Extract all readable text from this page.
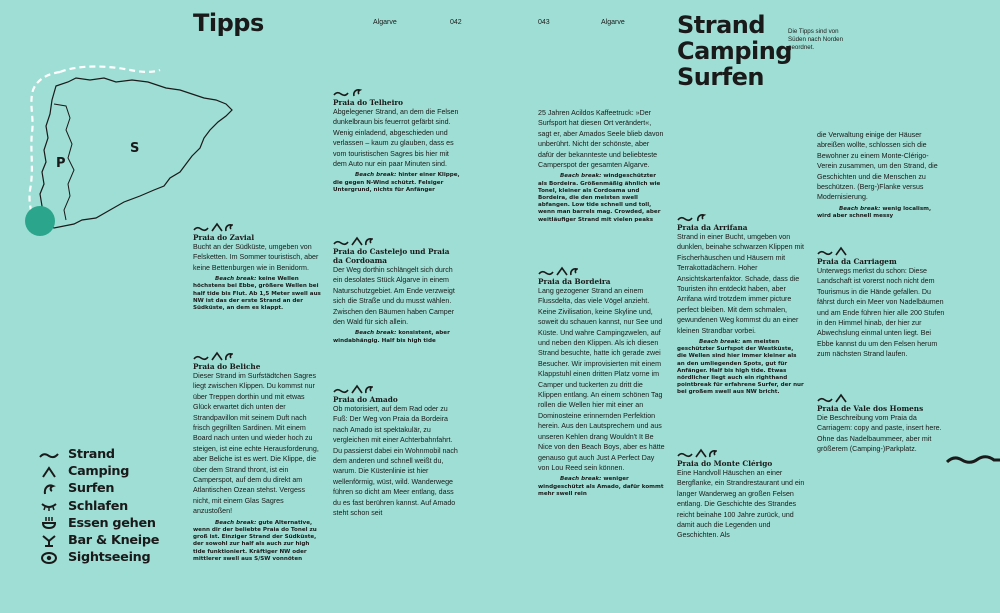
Tipps	Algarve	042
P
S
Strand
Camping
Surfen
Schlafen
Essen gehen
Bar & Kneipe
Sightseeing
Praia do Zavial
Bucht an der Südküste, umgeben von Felsketten. Im Sommer touristisch, aber keine Bettenburgen wie in Benidorm.
Beach break: keine Wellen höchstens bei Ebbe, größere Wellen bei half tide bis Flut. Ab 1,5 Meter swell aus NW ist das der erste Strand an der Südküste, an dem es klappt.
Praia do Beliche
Dieser Strand im Surfstädtchen Sagres liegt zwischen Klippen. Du kommst nur über Treppen dorthin und mit etwas Glück erwartet dich unten der Strandpavillon mit seinem Duft nach frisch gegrillten Sardinen. Mit einem Board nach unten und wieder hoch zu steigen, ist eine echte Herausforderung, aber Beliche ist es wert. Die Klippe, die über dem Strand thront, ist ein Camperspot, auf dem du direkt am Atlantischen Ozean stehst. Vergess nicht, mit einem Glas Sagres anzustoßen!
Beach break: gute Alternative, wenn dir der beliebte Praia do Tonel zu groß ist. Einziger Strand der Südküste, der sowohl zur half als auch zur high tide funktioniert. Kräftiger NW oder mittlerer swell aus S/SW vonnöten
Praia do Telheiro
Abgelegener Strand, an dem die Felsen dunkelbraun bis feuerrot gefärbt sind. Wenig einladend, abgeschieden und verlassen – kaum zu glauben, dass es vom touristischen Sagres bis hier mit dem Auto nur ein paar Minuten sind.
Beach break: hinter einer Klippe, die gegen N-Wind schützt. Felsiger Untergrund, nichts für Anfänger
Praia do Castelejo und Praia da Cordoama
Der Weg dorthin schlängelt sich durch ein desolates Stück Algarve in einem Naturschutzgebiet. Am Ende verzweigt sich die Straße und du musst wählen. Zwischen den Bäumen haben Camper den Wald für sich allein.
Beach break: konsistent, aber windabhängig. Half bis high tide
Praia do Amado
Ob motorisiert, auf dem Rad oder zu Fuß: Der Weg von Praia da Bordeira nach Amado ist spektakulär, zu vergleichen mit einer Achterbahnfahrt. Du passierst dabei ein Wohnmobil nach dem anderen und schnell weißt du, warum. Die Küstenlinie ist hier wellenförmig, wüst, wild. Wanderwege führen so dicht am Meer entlang, dass du es fast berühren kannst. Auf Amado steht schon seit
043	Algarve Strand
Camping
Surfen
Die Tipps sind von Süden nach Norden geordnet.
25 Jahren Acildos Kaffeetruck: »Der Surfsport hat diesen Ort verändert«, sagt er, aber Amados Seele blieb davon unberührt. Nicht der schönste, aber dafür der bekannteste und beliebteste Camperspot der gesamten Algarve.
Beach break: windgeschützter als Bordeira. Größenmäßig ähnlich wie Tonel, kleiner als Cordoama und Bordeira, die den meisten swell abfangen. Low tide schnell und toll, wenn man barrels mag. Crowded, aber weitläufiger Strand mit vielen peaks
Praia da Bordeira
Lang gezogener Strand an einem Flussdelta, das viele Vögel anzieht. Keine Zivilisation, keine Skyline und, soweit du schauen kannst, nur See und Küste. Und wahre Campingzwelen, auf und neben den Klippen. Als ich diesen Strand besuchte, hatte ich gerade zwei Besucher. Wir improvisierten mit einem Klappstuhl einen dritten Platz vorne im Camper und tuckerten zu dritt die Klippen entlang. An einem schönen Tag rollen die Wellen hier mit einer an Dominosteine erinnernden Perfektion herein. Aus den Lautsprechern und aus unseren Kehlen drang Wouldn't It Be Nice von den Beach Boys, aber es hätte genauso gut auch Just A Perfect Day von Lou Reed sein können.
Beach break: weniger windgeschützt als Amado, dafür kommt mehr swell rein
Praia da Arrifana
Strand in einer Bucht, umgeben von dunklen, beinahe schwarzen Klippen mit Fischerhäuschen und Häusern mit Terrakottadächern. Hoher Ansichtskartenfaktor. Schade, dass die Touristen ihn entdeckt haben, aber Arrifana wird trotzdem immer picture perfect bleiben. Mit dem schmalen, gewundenen Weg kommst du an einer kleinen Strandbar vorbei.
Beach break: am meisten geschützter Surfspot der Westküste, die Wellen sind hier immer kleiner als an den umliegenden Spots, gut für Anfänger. Half bis high tide. Etwas nördlicher liegt auch ein righthand pointbreak für erfahrene Surfer, der nur bei großem swell aus NW bricht.
Praia do Monte Clérigo
Eine Handvoll Häuschen an einer Bergflanke, ein Strandrestaurant und ein langer Wanderweg an großen Felsen entlang. Die Geschichte des Strandes reicht beinahe 100 Jahre zurück, und damit auch die Legenden und Geschichten. Als
die Verwaltung einige der Häuser abreißen wollte, schlossen sich die Bewohner zu einem Monte-Clérigo-Verein zusammen, um den Strand, die Geschichten und die Menschen zu beschützen. (Berg-)Flanke versus Modernisierung.
Beach break: wenig localism, wird aber schnell messy
Praia da Carriagem
Unterwegs merkst du schon: Diese Landschaft ist vorerst noch nicht dem Tourismus in die Hände gefallen. Du fährst durch ein Meer von Nadelbäumen und am Ende führen hier alle 200 Stufen in den Himmel hinab, der hier zur Abwechslung einmal unten liegt. Bei Ebbe kannst du um den Felsen herum zum nächsten Strand laufen.
Praia de Vale dos Homens
Die Beschreibung vom Praia da Carriagem: copy and paste, insert here. Ohne das Nadelbaummeer, aber mit größerem (Camping-)Parkplatz.
